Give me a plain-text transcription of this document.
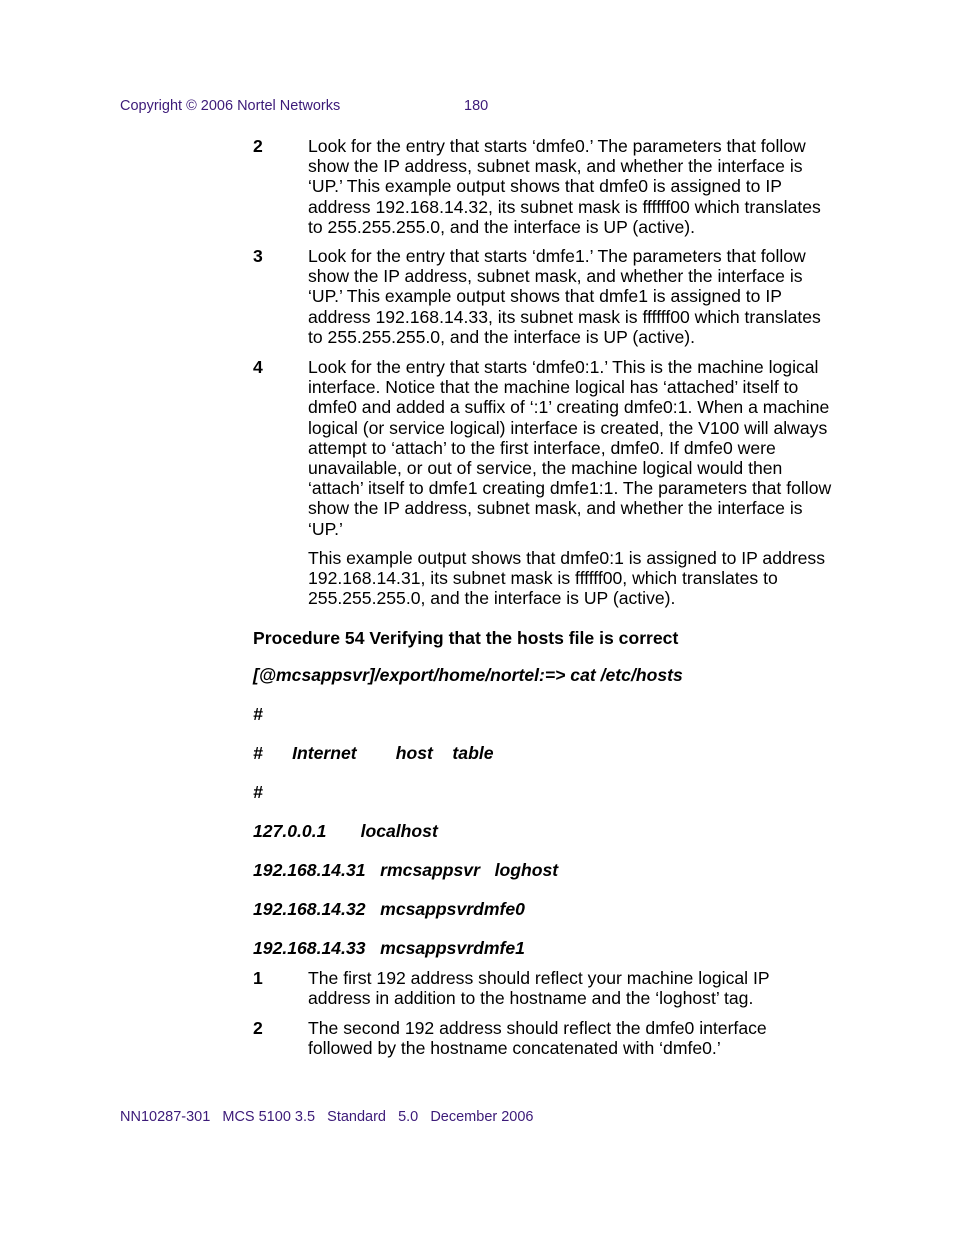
Copyright © 2006 Nortel Networks	180
2	Look for the entry that starts ‘dmfe0.’ The parameters that follow show the IP address, subnet mask, and whether the interface is ‘UP.’ This example output shows that dmfe0 is assigned to IP address 192.168.14.32, its subnet mask is ffffff00 which translates to 255.255.255.0, and the interface is UP (active).
3	Look for the entry that starts ‘dmfe1.’ The parameters that follow show the IP address, subnet mask, and whether the interface is ‘UP.’ This example output shows that dmfe1 is assigned to IP address 192.168.14.33, its subnet mask is ffffff00 which translates to 255.255.255.0, and the interface is UP (active).
4	Look for the entry that starts ‘dmfe0:1.’ This is the machine logical interface. Notice that the machine logical has ‘attached’ itself to dmfe0 and added a suffix of ‘:1’ creating dmfe0:1. When a machine logical (or service logical) interface is created, the V100 will always attempt to ‘attach’ to the first interface, dmfe0. If dmfe0 were unavailable, or out of service, the machine logical would then ‘attach’ itself to dmfe1 creating dmfe1:1. The parameters that follow show the IP address, subnet mask, and whether the interface is ‘UP.’
This example output shows that dmfe0:1 is assigned to IP address 192.168.14.31, its subnet mask is ffffff00, which translates to 255.255.255.0, and the interface is UP (active).
Procedure 54 Verifying that the hosts file is correct
[@mcsappsvr]/export/home/nortel:=> cat /etc/hosts
#
#      Internet        host    table
#
127.0.0.1       localhost
192.168.14.31   rmcsappsvr   loghost
192.168.14.32   mcsappsvrdmfe0
192.168.14.33   mcsappsvrdmfe1
1	The first 192 address should reflect your machine logical IP address in addition to the hostname and the ‘loghost’ tag.
2	The second 192 address should reflect the dmfe0 interface followed by the hostname concatenated with ‘dmfe0.’
NN10287-301   MCS 5100 3.5   Standard   5.0   December 2006
